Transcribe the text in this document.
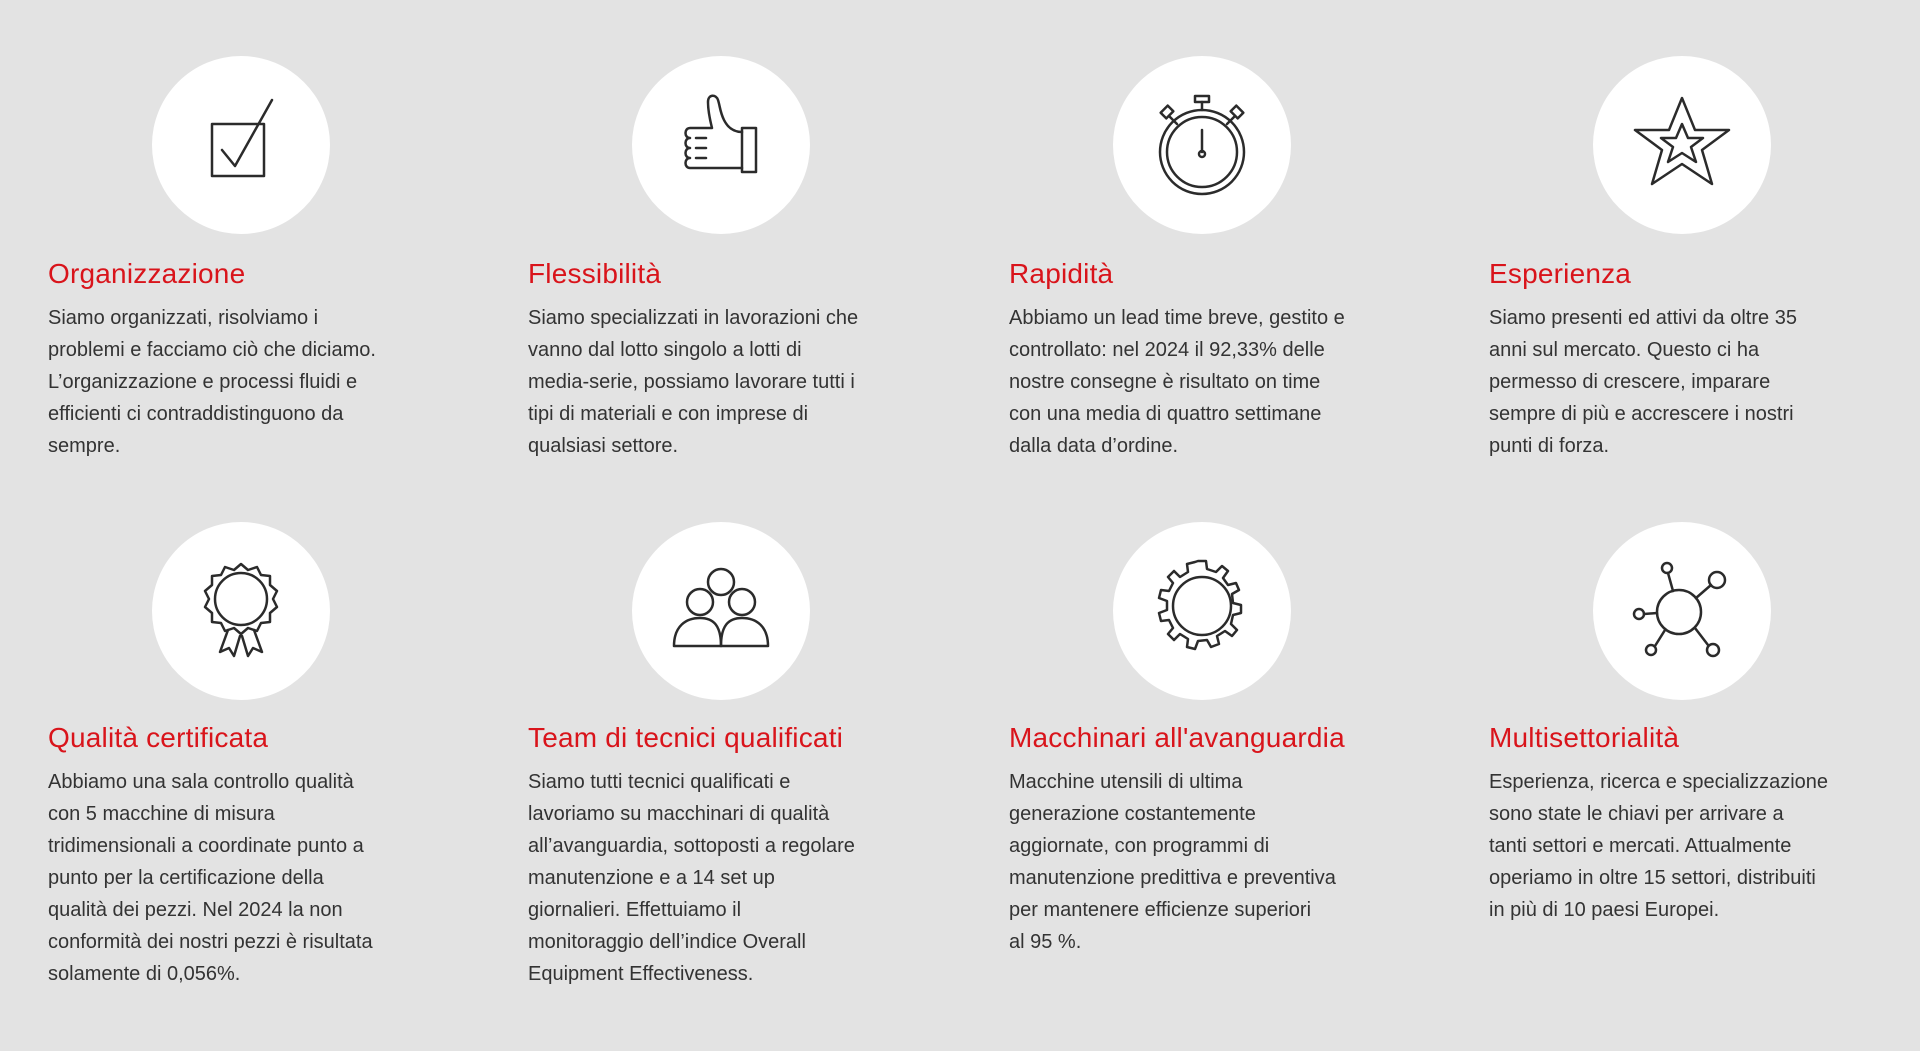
Organizzazione
Siamo organizzati, risolviamo i
problemi e facciamo ciò che diciamo.
L’organizzazione e processi fluidi e
efficienti ci contraddistinguono da
sempre.
Flessibilità
Siamo specializzati in lavorazioni che
vanno dal lotto singolo a lotti di
media-serie, possiamo lavorare tutti i
tipi di materiali e con imprese di
qualsiasi settore.
Rapidità
Abbiamo un lead time breve, gestito e
controllato: nel 2024 il 92,33% delle
nostre consegne è risultato on time
con una media di quattro settimane
dalla data d’ordine.
Esperienza
Siamo presenti ed attivi da oltre 35
anni sul mercato. Questo ci ha
permesso di crescere, imparare
sempre di più e accrescere i nostri
punti di forza.
Qualità certificata
Abbiamo una sala controllo qualità
con 5 macchine di misura
tridimensionali a coordinate punto a
punto per la certificazione della
qualità dei pezzi. Nel 2024 la non
conformità dei nostri pezzi è risultata
solamente di 0,056%.
Team di tecnici qualificati
Siamo tutti tecnici qualificati e
lavoriamo su macchinari di qualità
all’avanguardia, sottoposti a regolare
manutenzione e a 14 set up
giornalieri. Effettuiamo il
monitoraggio dell’indice Overall
Equipment Effectiveness.
Macchinari all'avanguardia
Macchine utensili di ultima
generazione costantemente
aggiornate, con programmi di
manutenzione predittiva e preventiva
per mantenere efficienze superiori
al 95 %.
Multisettorialità
Esperienza, ricerca e specializzazione
sono state le chiavi per arrivare a
tanti settori e mercati. Attualmente
operiamo in oltre 15 settori, distribuiti
in più di 10 paesi Europei.
